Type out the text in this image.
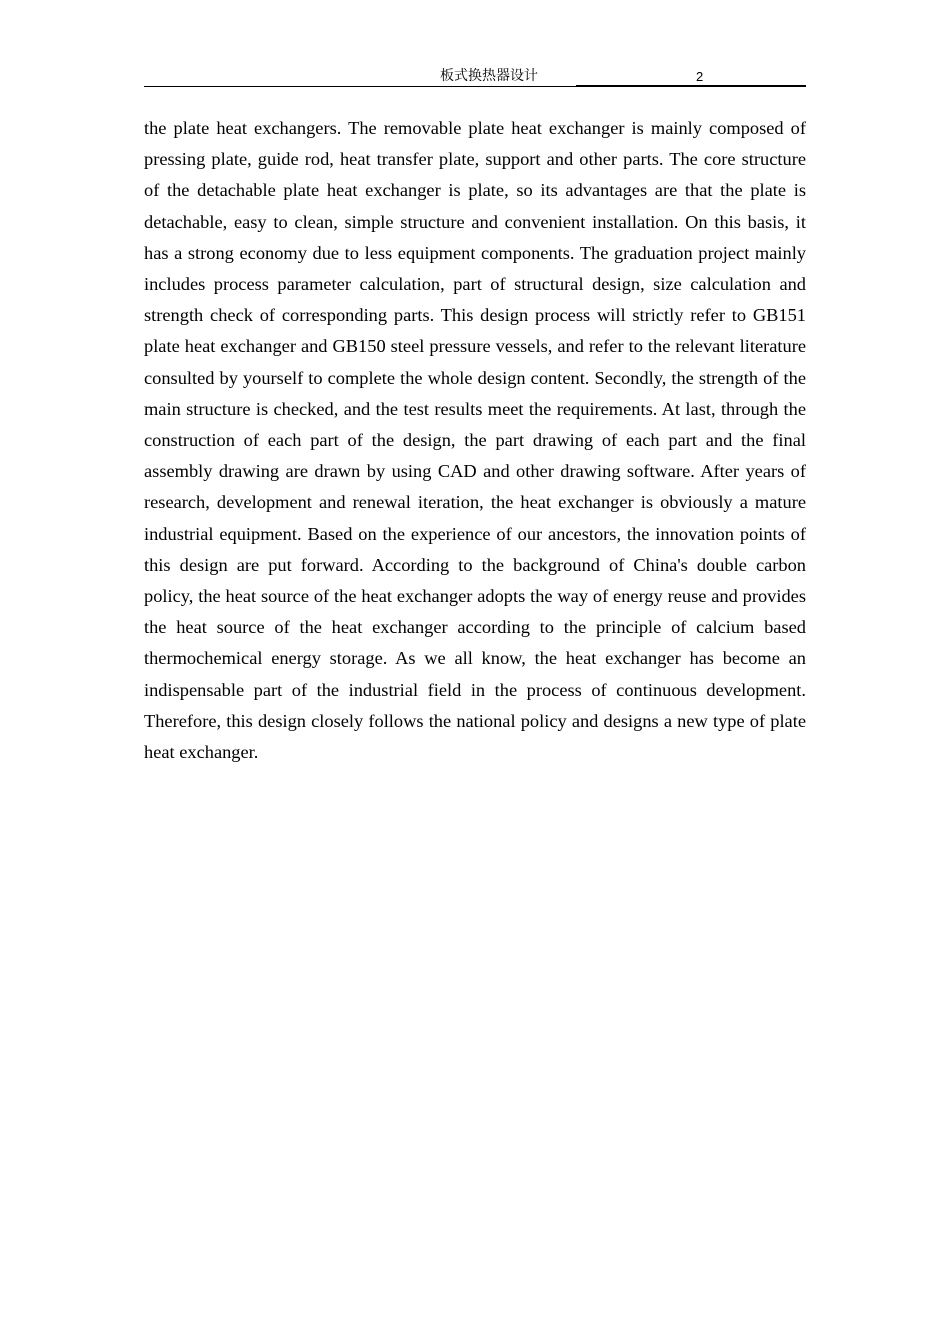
板式换热器设计	2

the plate heat exchangers. The removable plate heat exchanger is mainly composed of pressing plate, guide rod, heat transfer plate, support and other parts. The core structure of the detachable plate heat exchanger is plate, so its advantages are that the plate is detachable, easy to clean, simple structure and convenient installation. On this basis, it has a strong economy due to less equipment components. The graduation project mainly includes process parameter calculation, part of structural design, size calculation and strength check of corresponding parts. This design process will strictly refer to GB151 plate heat exchanger and GB150 steel pressure vessels, and refer to the relevant literature consulted by yourself to complete the whole design content. Secondly, the strength of the main structure is checked, and the test results meet the requirements. At last, through the construction of each part of the design, the part drawing of each part and the final assembly drawing are drawn by using CAD and other drawing software. After years of research, development and renewal iteration, the heat exchanger is obviously a mature industrial equipment. Based on the experience of our ancestors, the innovation points of this design are put forward. According to the background of China's double carbon policy, the heat source of the heat exchanger adopts the way of energy reuse and provides the heat source of the heat exchanger according to the principle of calcium based thermochemical energy storage. As we all know, the heat exchanger has become an indispensable part of the industrial field in the process of continuous development. Therefore, this design closely follows the national policy and designs a new type of plate heat exchanger.
